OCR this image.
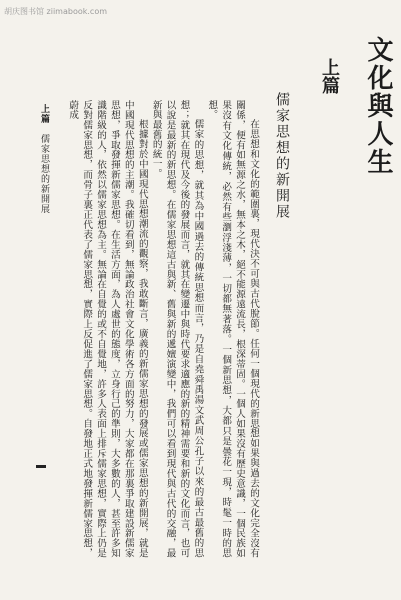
胡庆图书馆 ziimabook.com
文化與人生
上篇
儒家思想的新開展

在思想和文化的範圍裏，現代決不可與古代脫節。任何一個現代的新思想如果與過去的文化完全沒有關係，便有如無源之水，無本之木，絕不能源遠流長，根深蒂固。一個人如果沒有歷史意識，一個民族如果沒有文化傳統，必然有些瀏浮淺薄，一切都無著落。一個新思想，大都只是曇花一現，時髦一時的思想。

儒家的思想，就其為中國過去的傳統思想而言，乃是自堯舜禹湯文武周公孔子以來的最古最舊的思想；就其在現代及今後的發展而言，就其在變遷中與時代要求適應的新的精神需要和新的文化而言，也可以說是最新的新思想。在儒家思想這古與新、舊與新的遞嬗演變中，我們可以看到現代與古代的交融，最新與最舊的統一。

根據對於中國現代思想潮流的觀察，我敢斷言，廣義的新儒家思想的發展或儒家思想的新開展，就是中國現代思想的主潮。我確切看到，無論政治社會文化學術各方面的努力，大家都在那裏爭取建設新儒家思想，爭取發揮新儒家思想。在生活方面，為人處世的態度，立身行己的準則，大多數的人，甚至許多知識階級的人，依然以儒家思想為主。無論在自覺的或不自覺地，許多人表面上排斥儒家思想，實際上仍是反對儒家思想，而骨子裏正代表了儒家思想，實際上反促進了儒家思想。自發地正式地發揮新儒家思想，蔚成

上篇儒家思想的新開展
